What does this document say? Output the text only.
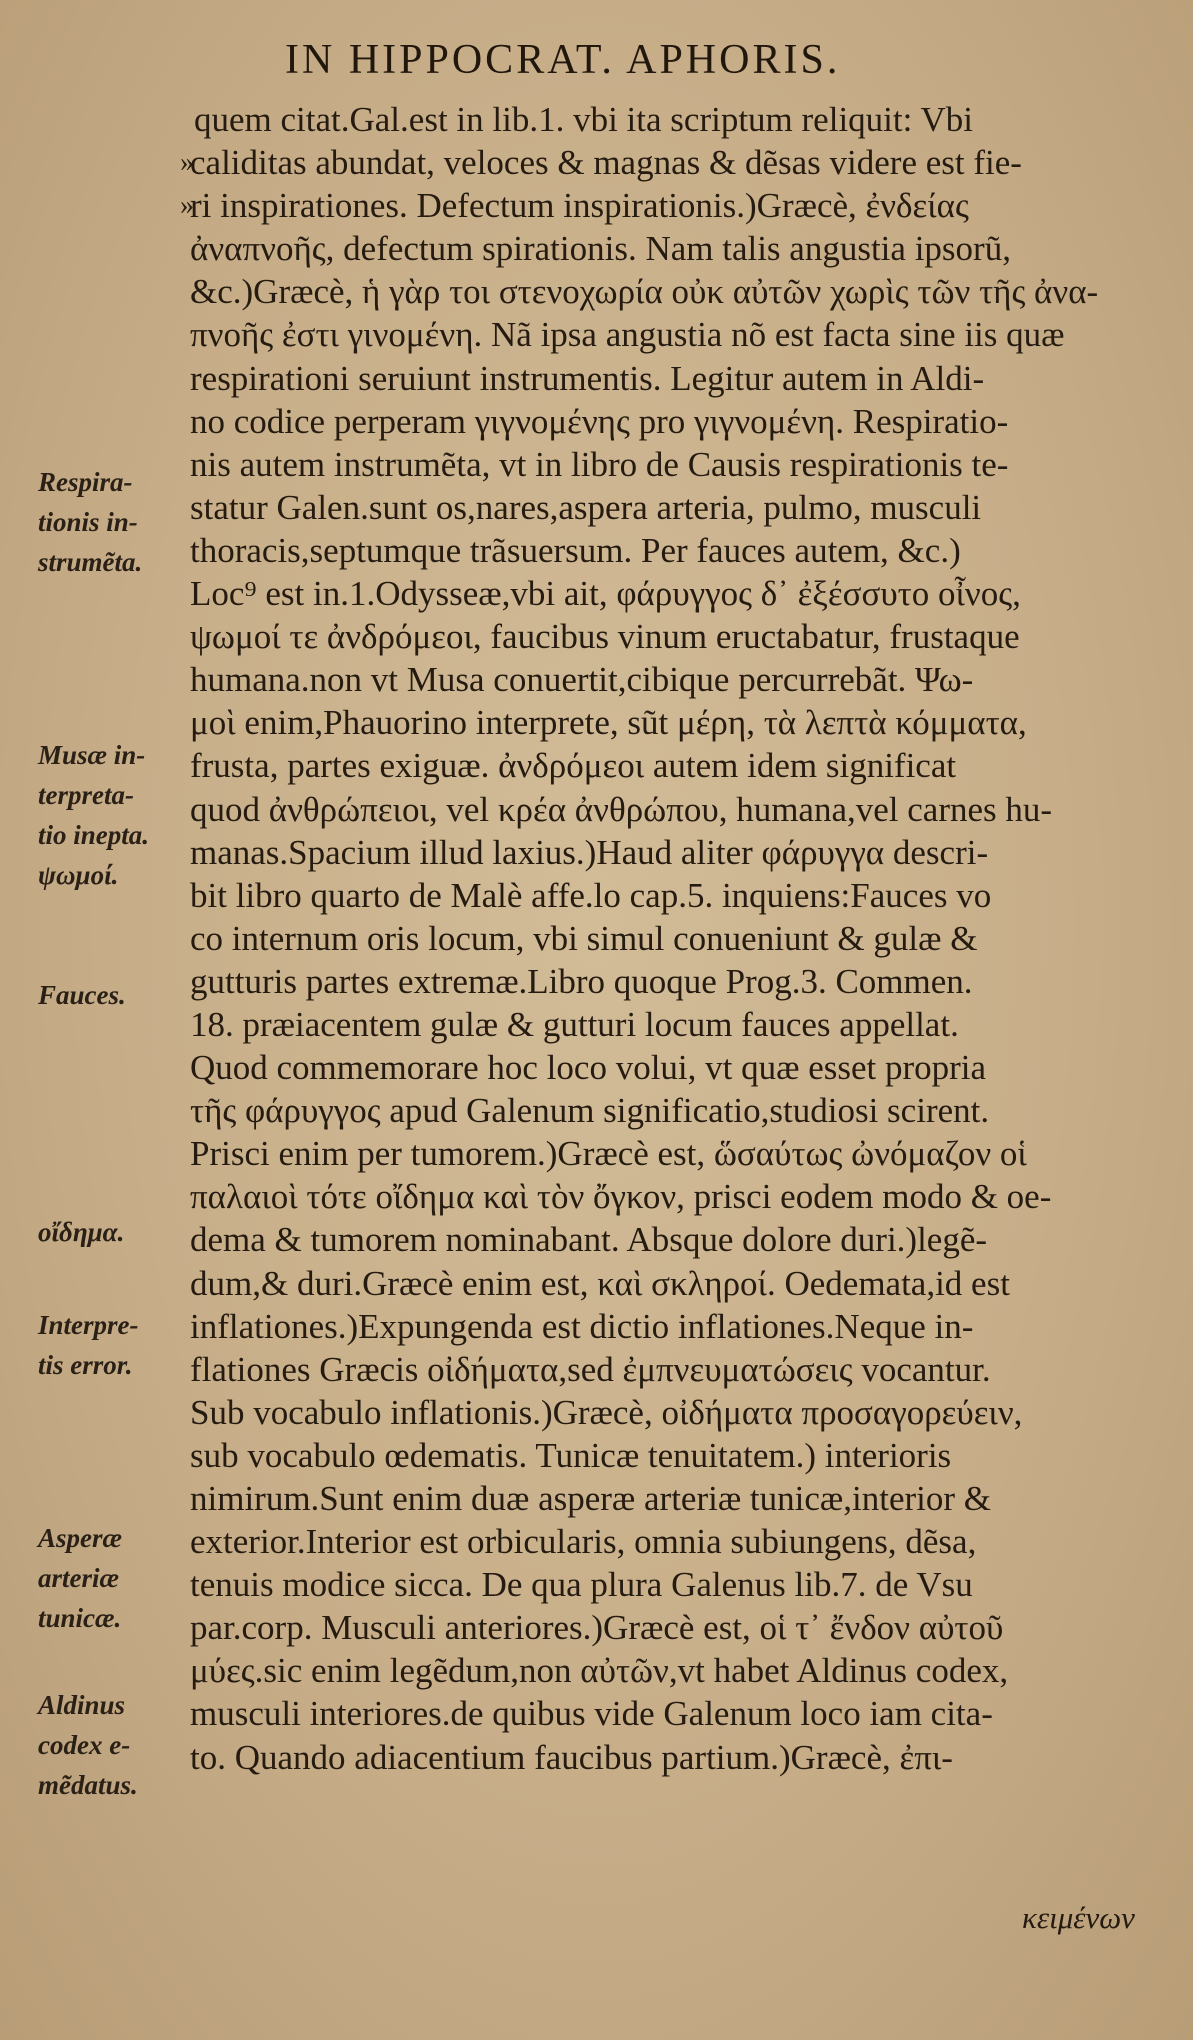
IN HIPPOCRAT. APHORIS.
quem citat.Gal.est in lib.1. vbi ita scriptum reliquit: Vbi
»
caliditas abundat, veloces & magnas & dẽsas videre est fie-
»
ri inspirationes. Defectum inspirationis.)Græcè, ἐνδείας
ἀναπνοῆς, defectum spirationis. Nam talis angustia ipsorũ,
&c.)Græcè, ἡ γὰρ τοι στενοχωρία οὐκ αὐτῶν χωρὶς τῶν τῆς ἀνα-
πνοῆς ἐστι γινομένη. Nã ipsa angustia nõ est facta sine iis quæ
respirationi seruiunt instrumentis. Legitur autem in Aldi-
no codice perperam γιγνομένης pro γιγνομένη. Respiratio-
nis autem instrumẽta, vt in libro de Causis respirationis te-
statur Galen.sunt os,nares,aspera arteria, pulmo, musculi
thoracis,septumque trãsuersum. Per fauces autem, &c.)
Loc⁹ est in.1.Odysseæ,vbi ait, φάρυγγος δ᾽ ἐξέσσυτο οἶνος,
ψωμοί τε ἀνδρόμεοι, faucibus vinum eructabatur, frustaque
humana.non vt Musa conuertit,cibique percurrebãt. Ψω-
μοὶ enim,Phauorino interprete, sũt μέρη, τὰ λεπτὰ κόμματα,
frusta, partes exiguæ. ἀνδρόμεοι autem idem significat
quod ἀνθρώπειοι, vel κρέα ἀνθρώπου, humana,vel carnes hu-
manas.Spacium illud laxius.)Haud aliter φάρυγγα descri-
bit libro quarto de Malè affe.lo cap.5. inquiens:Fauces vo
co internum oris locum, vbi simul conueniunt & gulæ &
gutturis partes extremæ.Libro quoque Prog.3. Commen.
18. præiacentem gulæ & gutturi locum fauces appellat.
Quod commemorare hoc loco volui, vt quæ esset propria
τῆς φάρυγγος apud Galenum significatio,studiosi scirent.
Prisci enim per tumorem.)Græcè est, ὥσαύτως ὠνόμαζον οἱ
παλαιοὶ τότε οἴδημα καὶ τὸν ὄγκον, prisci eodem modo & oe-
dema & tumorem nominabant. Absque dolore duri.)legẽ-
dum,& duri.Græcè enim est, καὶ σκληροί. Oedemata,id est
inflationes.)Expungenda est dictio inflationes.Neque in-
flationes Græcis οἰδήματα,sed ἐμπνευματώσεις vocantur.
Sub vocabulo inflationis.)Græcè, οἰδήματα προσαγορεύειν,
sub vocabulo œdematis. Tunicæ tenuitatem.) interioris
nimirum.Sunt enim duæ asperæ arteriæ tunicæ,interior &
exterior.Interior est orbicularis, omnia subiungens, dẽsa,
tenuis modice sicca. De qua plura Galenus lib.7. de Vsu
par.corp. Musculi anteriores.)Græcè est, οἱ τ᾽ ἔνδον αὐτοῦ
μύες.sic enim legẽdum,non αὐτῶν,vt habet Aldinus codex,
musculi interiores.de quibus vide Galenum loco iam cita-
to. Quando adiacentium faucibus partium.)Græcè, ἐπι-
Respira-
tionis in-
strumẽta.
Musæ in-
terpreta-
tio inepta.
ψωμοί.
Fauces.
οἴδημα.
Interpre-
tis error.
Asperæ
arteriæ
tunicæ.
Aldinus
codex e-
mẽdatus.
κειμένων
